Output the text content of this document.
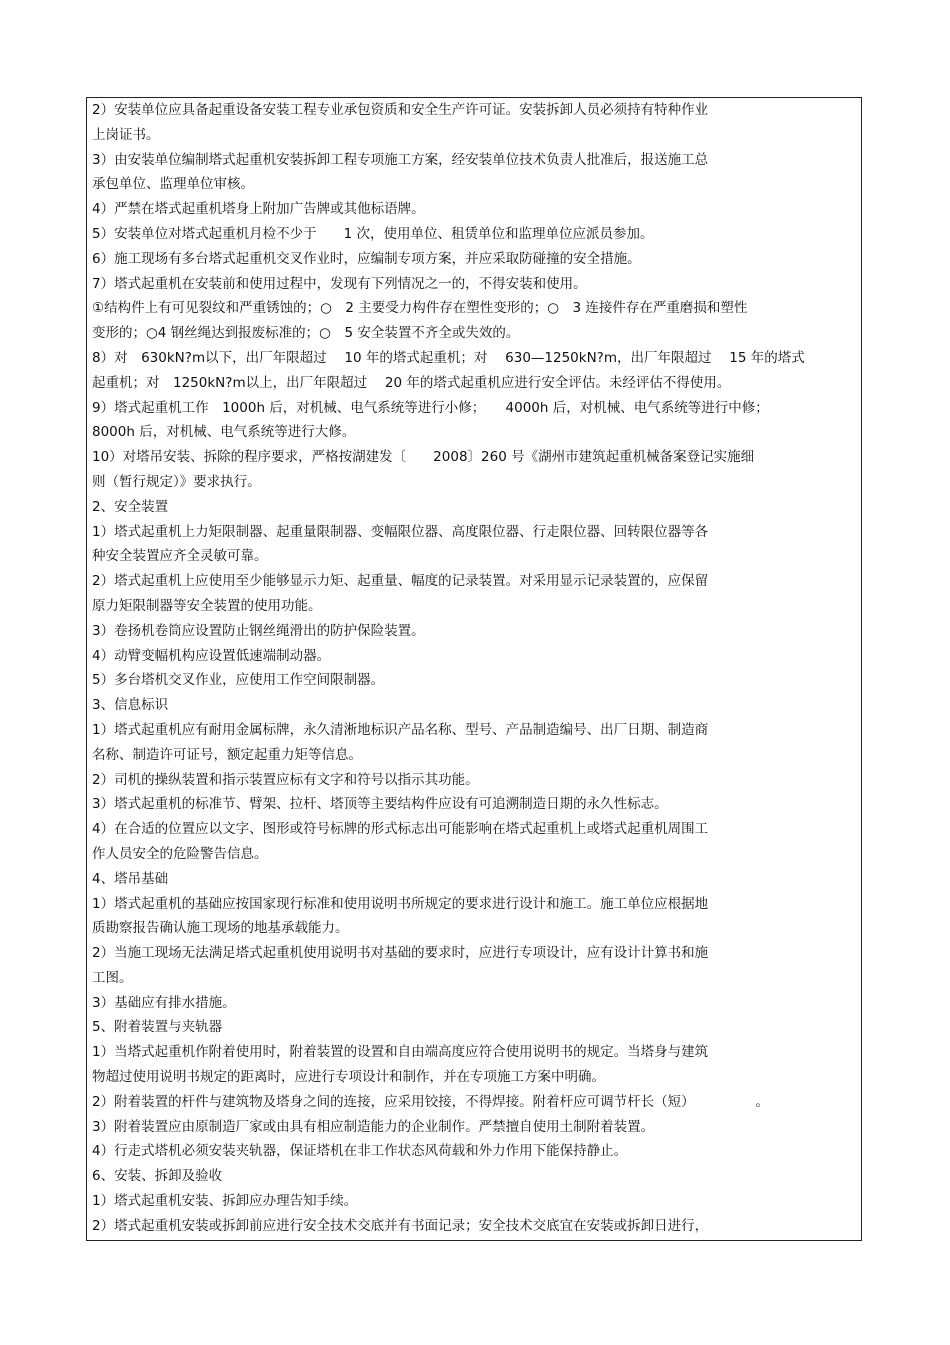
2）安装单位应具备起重设备安装工程专业承包资质和安全生产许可证。安装拆卸人员必须持有特种作业
上岗证书。
3）由安装单位编制塔式起重机安装拆卸工程专项施工方案，经安装单位技术负责人批准后，报送施工总
承包单位、监理单位审核。
4）严禁在塔式起重机塔身上附加广告牌或其他标语牌。
5）安装单位对塔式起重机月检不少于　　1 次，使用单位、租赁单位和监理单位应派员参加。
6）施工现场有多台塔式起重机交叉作业时，应编制专项方案，并应采取防碰撞的安全措施。
7）塔式起重机在安装前和使用过程中，发现有下列情况之一的，不得安装和使用。
①结构件上有可见裂纹和严重锈蚀的；○　2 主要受力构件存在塑性变形的；○　3 连接件存在严重磨损和塑性
变形的；○4 钢丝绳达到报废标准的；○　5 安全装置不齐全或失效的。
8）对　630kN?m以下，出厂年限超过　 10 年的塔式起重机；对　 630—1250kN?m，出厂年限超过　 15 年的塔式
起重机；对　1250kN?m以上，出厂年限超过　 20 年的塔式起重机应进行安全评估。未经评估不得使用。
9）塔式起重机工作　1000h 后，对机械、电气系统等进行小修；　　4000h 后，对机械、电气系统等进行中修；
8000h 后，对机械、电气系统等进行大修。
10）对塔吊安装、拆除的程序要求，严格按湖建发〔　　2008〕260 号《湖州市建筑起重机械备案登记实施细
则（暂行规定）》要求执行。
2、安全装置
1）塔式起重机上力矩限制器、起重量限制器、变幅限位器、高度限位器、行走限位器、回转限位器等各
种安全装置应齐全灵敏可靠。
2）塔式起重机上应使用至少能够显示力矩、起重量、幅度的记录装置。对采用显示记录装置的，应保留
原力矩限制器等安全装置的使用功能。
3）卷扬机卷筒应设置防止钢丝绳滑出的防护保险装置。
4）动臂变幅机构应设置低速端制动器。
5）多台塔机交叉作业，应使用工作空间限制器。
3、信息标识
1）塔式起重机应有耐用金属标牌，永久清淅地标识产品名称、型号、产品制造编号、出厂日期、制造商
名称、制造许可证号，额定起重力矩等信息。
2）司机的操纵装置和指示装置应标有文字和符号以指示其功能。
3）塔式起重机的标准节、臂架、拉杆、塔顶等主要结构件应设有可追溯制造日期的永久性标志。
4）在合适的位置应以文字、图形或符号标牌的形式标志出可能影响在塔式起重机上或塔式起重机周围工
作人员安全的危险警告信息。
4、塔吊基础
1）塔式起重机的基础应按国家现行标准和使用说明书所规定的要求进行设计和施工。施工单位应根据地
质勘察报告确认施工现场的地基承载能力。
2）当施工现场无法满足塔式起重机使用说明书对基础的要求时，应进行专项设计，应有设计计算书和施
工图。
3）基础应有排水措施。
5、附着装置与夹轨器
1）当塔式起重机作附着使用时，附着装置的设置和自由端高度应符合使用说明书的规定。当塔身与建筑
物超过使用说明书规定的距离时，应进行专项设计和制作，并在专项施工方案中明确。
2）附着装置的杆件与建筑物及塔身之间的连接，应采用铰接，不得焊接。附着杆应可调节杆长（短）　　　　　。
3）附着装置应由原制造厂家或由具有相应制造能力的企业制作。严禁擅自使用土制附着装置。
4）行走式塔机必须安装夹轨器，保证塔机在非工作状态风荷载和外力作用下能保持静止。
6、安装、拆卸及验收
1）塔式起重机安装、拆卸应办理告知手续。
2）塔式起重机安装或拆卸前应进行安全技术交底并有书面记录；安全技术交底宜在安装或拆卸日进行，
